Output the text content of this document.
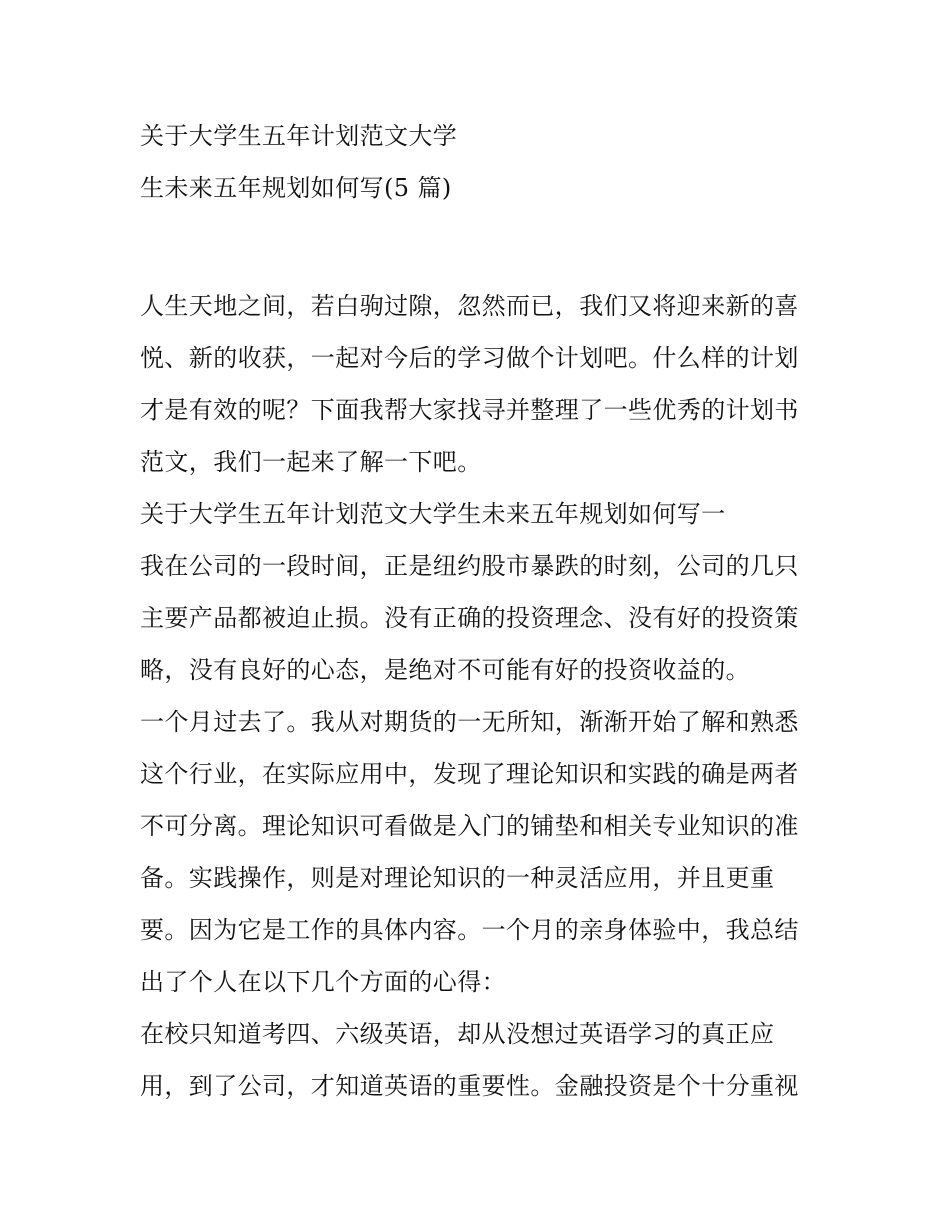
关于大学生五年计划范文大学
生未来五年规划如何写(5 篇)
人生天地之间，若白驹过隙，忽然而已，我们又将迎来新的喜
悦、新的收获，一起对今后的学习做个计划吧。什么样的计划
才是有效的呢？下面我帮大家找寻并整理了一些优秀的计划书
范文，我们一起来了解一下吧。
关于大学生五年计划范文大学生未来五年规划如何写一
我在公司的一段时间，正是纽约股市暴跌的时刻，公司的几只
主要产品都被迫止损。没有正确的投资理念、没有好的投资策
略，没有良好的心态，是绝对不可能有好的投资收益的。
一个月过去了。我从对期货的一无所知，渐渐开始了解和熟悉
这个行业，在实际应用中，发现了理论知识和实践的确是两者
不可分离。理论知识可看做是入门的铺垫和相关专业知识的准
备。实践操作，则是对理论知识的一种灵活应用，并且更重
要。因为它是工作的具体内容。一个月的亲身体验中，我总结
出了个人在以下几个方面的心得：
在校只知道考四、六级英语，却从没想过英语学习的真正应
用，到了公司，才知道英语的重要性。金融投资是个十分重视
